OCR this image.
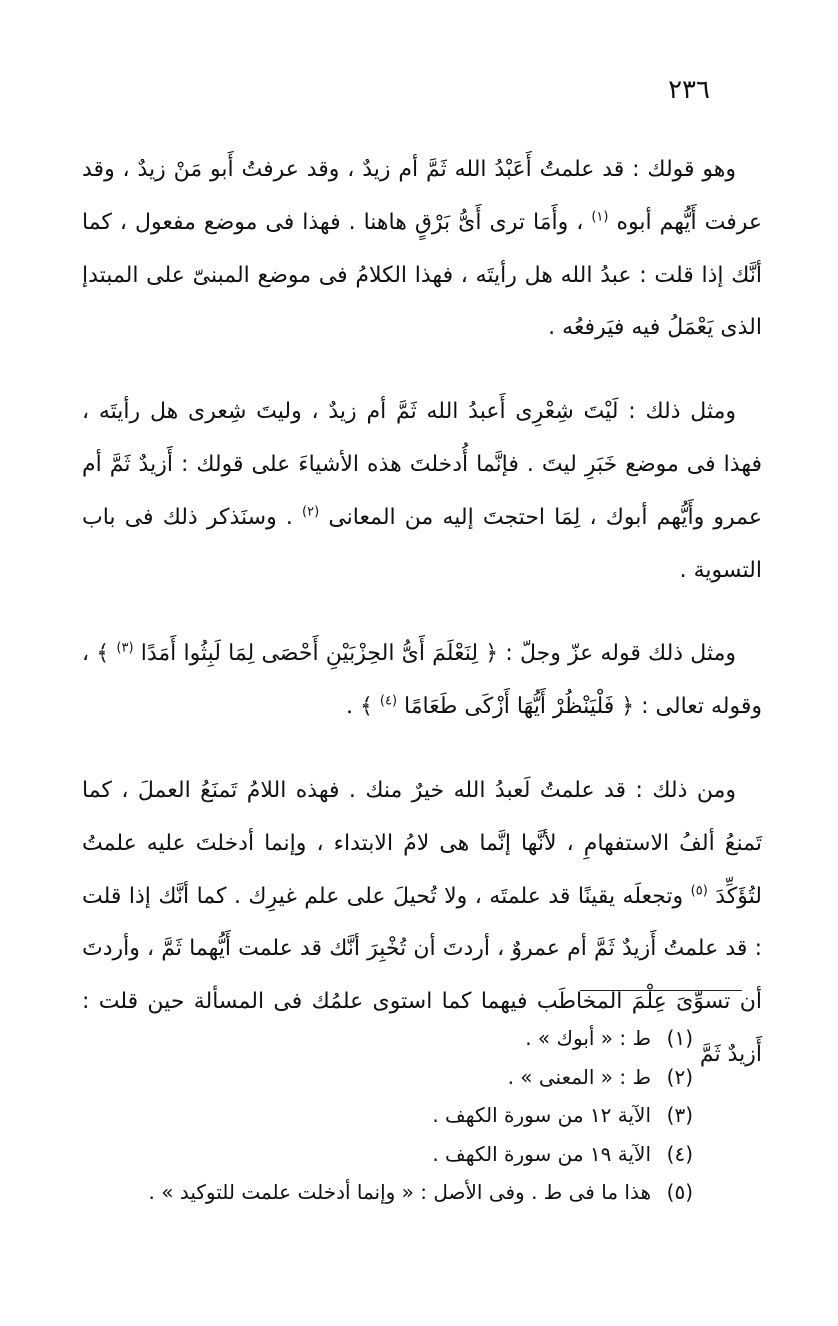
٢٣٦

وهو قولك : قد علمتُ أَعَبْدُ الله ثَمَّ أم زيدٌ ، وقد عرفتُ أَبو مَنْ زيدٌ ، وقد عرفت أَيُّهم أبوه $^{(١)}$ ، وأَمَا ترى أَىُّ بَرْقٍ هاهنا . فهذا فى موضع مفعول ، كما أنَّك إذا قلت : عبدُ الله هل رأيتَه ، فهذا الكلامُ فى موضع المبنىّ على المبتدإ الذى يَعْمَلُ فيه فيَرفعُه .

ومثل ذلك : لَيْتَ شِعْرِى أَعبدُ الله ثَمَّ أم زيدٌ ، وليتَ شِعرى هل رأيتَه ، فهذا فى موضع خَبَرِ ليتَ . فإنَّما أُدخلتَ هذه الأشياءَ على قولك : أَزيدٌ ثَمَّ أم عمرو وأَيُّهم أبوك ، لِمَا احتجتَ إليه من المعانى $^{(٢)}$ . وسنَذكر ذلك فى باب التسوية .

ومثل ذلك قوله عزّ وجلّ : ﴿ لِنَعْلَمَ أَىُّ الحِزْبَيْنِ أَحْصَى لِمَا لَبِثُوا أَمَدًا $^{(٣)}$ ﴾ ، وقوله تعالى : ﴿ فَلْيَنْظُرْ أَيُّهَا أَزْكَى طَعَامًا $^{(٤)}$ ﴾ .

ومن ذلك : قد علمتُ لَعبدُ الله خيرٌ منك . فهذه اللامُ تَمنَعُ العملَ ، كما تَمنعُ ألفُ الاستفهامِ ، لأنَّها إنَّما هى لامُ الابتداء ، وإنما أدخلتَ عليه علمتُ لتُؤَكِّدَ $^{(٥)}$ وتجعلَه يقينًا قد علمتَه ، ولا تُحيلَ على علم غيرِك . كما أنَّك إذا قلت : قد علمتُ أَزيدٌ ثَمَّ أم عمروٌ ، أردتَ أن تُخْبِرَ أنَّك قد علمت أَيُّهما ثَمَّ ، وأردتَ أن تسوِّىَ عِلْمَ المخاطَب فيهما كما استوى علمُك فى المسألة حين قلت : أَزيدٌ ثَمَّ

(١)ط : « أبوك » .
(٢)ط : « المعنى » .
(٣)الآية ١٢ من سورة الكهف .
(٤)الآية ١٩ من سورة الكهف .
(٥)هذا ما فى ط . وفى الأصل : « وإنما أدخلت علمت للتوكيد » .
